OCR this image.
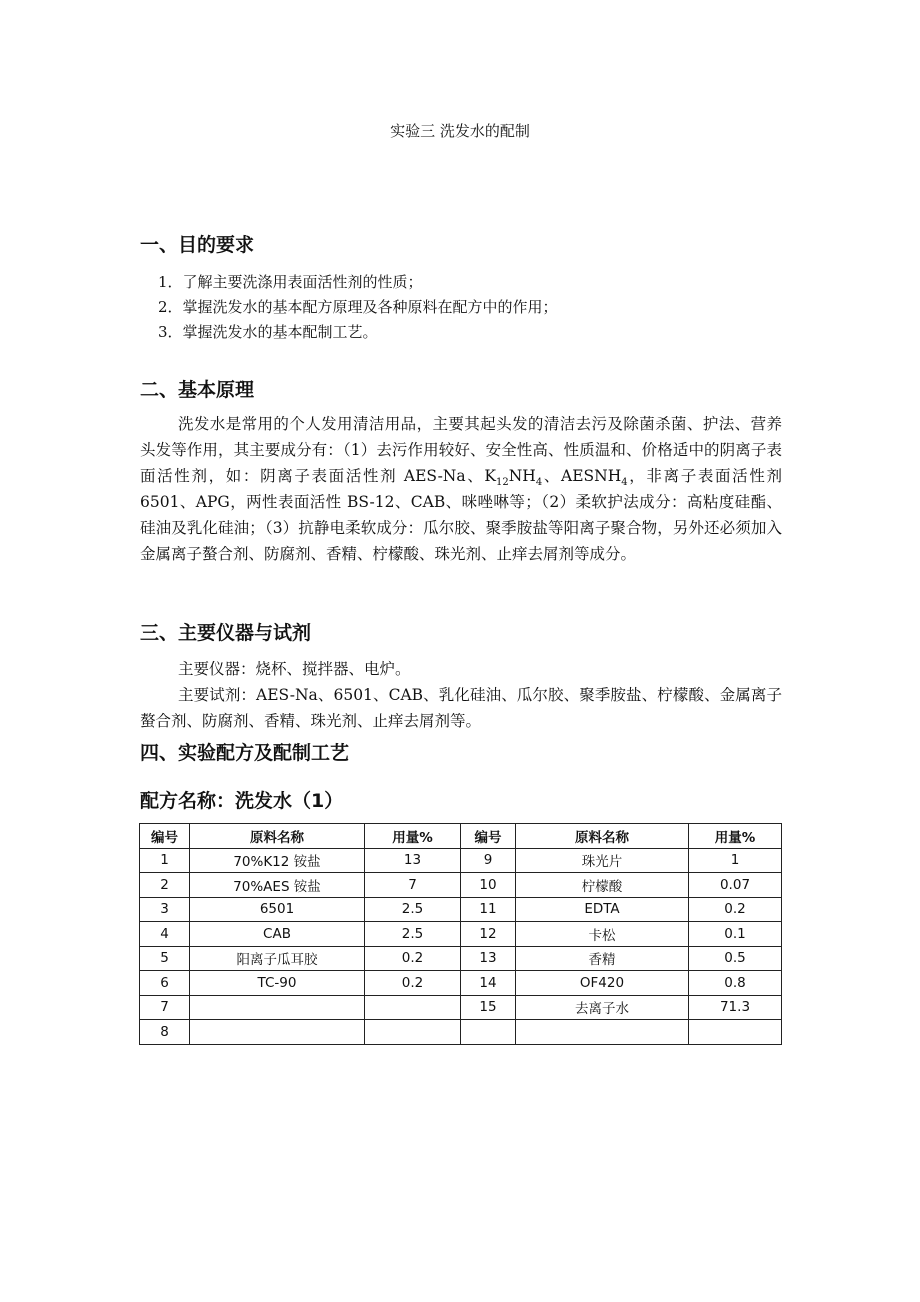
实验三 洗发水的配制
一、目的要求
1．了解主要洗涤用表面活性剂的性质；
2．掌握洗发水的基本配方原理及各种原料在配方中的作用；
3．掌握洗发水的基本配制工艺。
二、基本原理

洗发水是常用的个人发用清洁用品，主要其起头发的清洁去污及除菌杀菌、护法、营养头发等作用，其主要成分有：（1）去污作用较好、安全性高、性质温和、价格适中的阴离子表面活性剂，如：阴离子表面活性剂 AES-Na、$K_{12}NH_4$、$AESNH_4$，非离子表面活性剂 6501、APG，两性表面活性 BS-12、CAB、咪唑啉等；（2）柔软护法成分：高粘度硅酯、硅油及乳化硅油；（3）抗静电柔软成分：瓜尔胶、聚季胺盐等阳离子聚合物，另外还必须加入金属离子螯合剂、防腐剂、香精、柠檬酸、珠光剂、止痒去屑剂等成分。

三、主要仪器与试剂

主要仪器：烧杯、搅拌器、电炉。

主要试剂：AES-Na、6501、CAB、乳化硅油、瓜尔胶、聚季胺盐、柠檬酸、金属离子螯合剂、防腐剂、香精、珠光剂、止痒去屑剂等。

四、实验配方及配制工艺
配方名称：洗发水（1）
编号	原料名称	用量%	编号	原料名称	用量%
1	70%K12 铵盐	13	9	珠光片	1
2	70%AES 铵盐	7	10	柠檬酸	0.07
3	6501	2.5	11	EDTA	0.2
4	CAB	2.5	12	卡松	0.1
5	阳离子瓜耳胶	0.2	13	香精	0.5
6	TC-90	0.2	14	OF420	0.8
7			15	去离子水	71.3
8					
